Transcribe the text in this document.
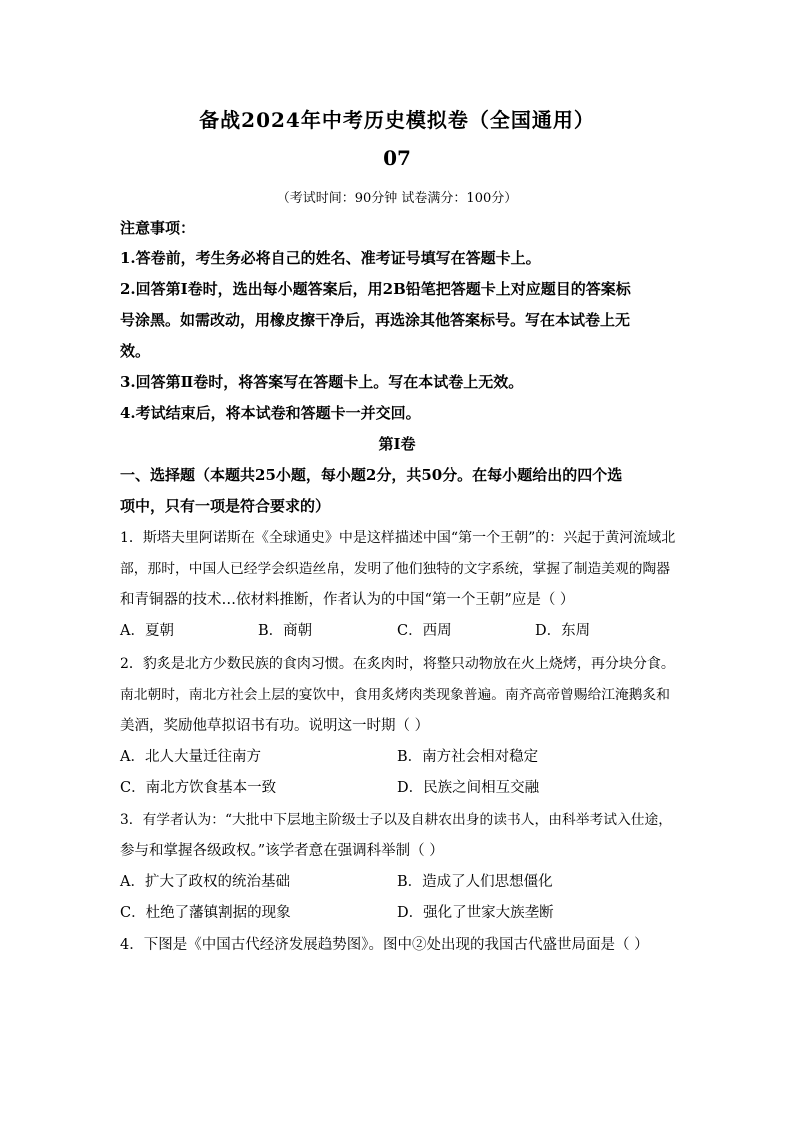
备战2024年中考历史模拟卷（全国通用）
07
（考试时间：90分钟 试卷满分：100分）
注意事项：
1.答卷前，考生务必将自己的姓名、准考证号填写在答题卡上。
2.回答第Ⅰ卷时，选出每小题答案后，用2B铅笔把答题卡上对应题目的答案标
号涂黑。如需改动，用橡皮擦干净后，再选涂其他答案标号。写在本试卷上无
效。
3.回答第Ⅱ卷时，将答案写在答题卡上。写在本试卷上无效。
4.考试结束后，将本试卷和答题卡一并交回。
第Ⅰ卷
一、选择题（本题共25小题，每小题2分，共50分。在每小题给出的四个选
项中，只有一项是符合要求的）
1．斯塔夫里阿诺斯在《全球通史》中是这样描述中国“第一个王朝”的：兴起于黄河流域北
部，那时，中国人已经学会织造丝帛，发明了他们独特的文字系统，掌握了制造美观的陶器
和青铜器的技术…依材料推断，作者认为的中国“第一个王朝”应是（ ）
A．夏朝	B．商朝	C．西周	D．东周
2．豹炙是北方少数民族的食肉习惯。在炙肉时，将整只动物放在火上烧烤，再分块分食。
南北朝时，南北方社会上层的宴饮中，食用炙烤肉类现象普遍。南齐高帝曾赐给江淹鹅炙和
美酒，奖励他草拟诏书有功。说明这一时期（ ）
A．北人大量迁往南方	B．南方社会相对稳定
C．南北方饮食基本一致	D．民族之间相互交融
3．有学者认为：“大批中下层地主阶级士子以及自耕农出身的读书人，由科举考试入仕途，
参与和掌握各级政权。”该学者意在强调科举制（ ）
A．扩大了政权的统治基础	B．造成了人们思想僵化
C．杜绝了藩镇割据的现象	D．强化了世家大族垄断
4．下图是《中国古代经济发展趋势图》。图中②处出现的我国古代盛世局面是（ ）
